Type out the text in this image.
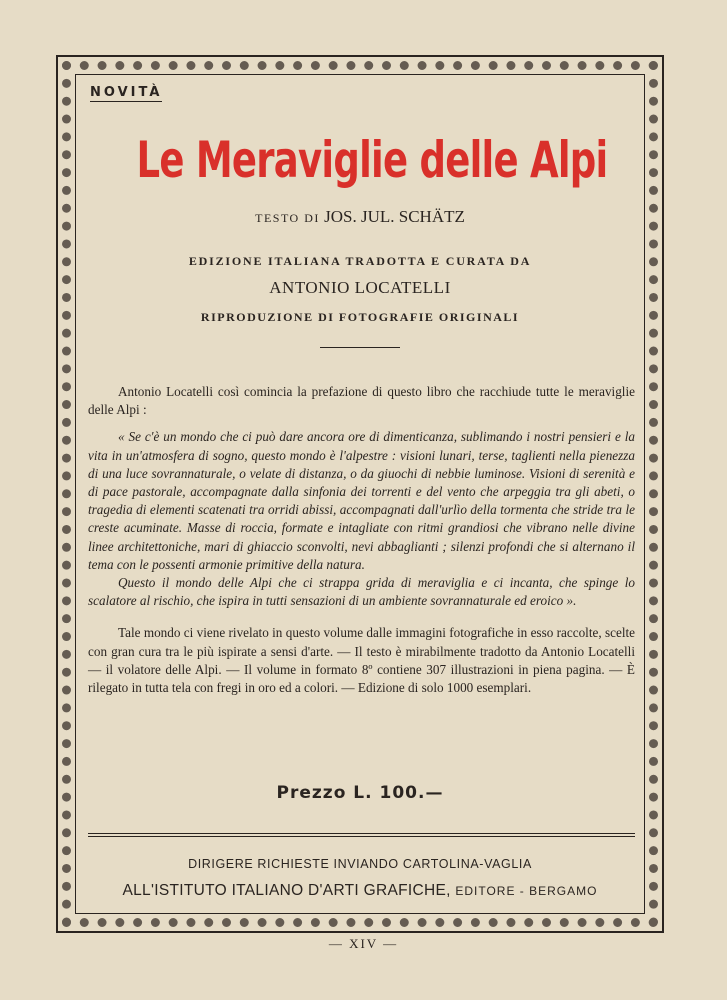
NOVITÀ
Le Meraviglie delle Alpi
TESTO DI JOS. JUL. SCHÄTZ
EDIZIONE ITALIANA TRADOTTA E CURATA DA
ANTONIO LOCATELLI
RIPRODUZIONE DI FOTOGRAFIE ORIGINALI

Antonio Locatelli così comincia la prefazione di questo libro che racchiude tutte le meraviglie delle Alpi :

« Se c'è un mondo che ci può dare ancora ore di dimenticanza, sublimando i nostri pensieri e la vita in un'atmosfera di sogno, questo mondo è l'alpestre : visioni lunari, terse, taglienti nella pienezza di una luce sovrannaturale, o velate di distanza, o da giuochi di nebbie luminose. Visioni di serenità e di pace pastorale, accompagnate dalla sinfonia dei torrenti e del vento che arpeggia tra gli abeti, o tragedia di elementi scatenati tra orridi abissi, accompagnati dall'urlìo della tormenta che stride tra le creste acuminate. Masse di roccia, formate e intagliate con ritmi grandiosi che vibrano nelle divine linee architettoniche, mari di ghiaccio sconvolti, nevi abbaglianti ; silenzi profondi che si alternano il tema con le possenti armonie primitive della natura.

Questo il mondo delle Alpi che ci strappa grida di meraviglia e ci incanta, che spinge lo scalatore al rischio, che ispira in tutti sensazioni di un ambiente sovrannaturale ed eroico ».

Tale mondo ci viene rivelato in questo volume dalle immagini fotografiche in esso raccolte, scelte con gran cura tra le più ispirate a sensi d'arte. — Il testo è mirabilmente tradotto da Antonio Locatelli — il volatore delle Alpi. — Il volume in formato 8º contiene 307 illustrazioni in piena pagina. — È rilegato in tutta tela con fregi in oro ed a colori. — Edizione di solo 1000 esemplari.

Prezzo L. 100.—
DIRIGERE RICHIESTE INVIANDO CARTOLINA-VAGLIA
ALL'ISTITUTO ITALIANO D'ARTI GRAFICHE, EDITORE - BERGAMO
— XIV —
